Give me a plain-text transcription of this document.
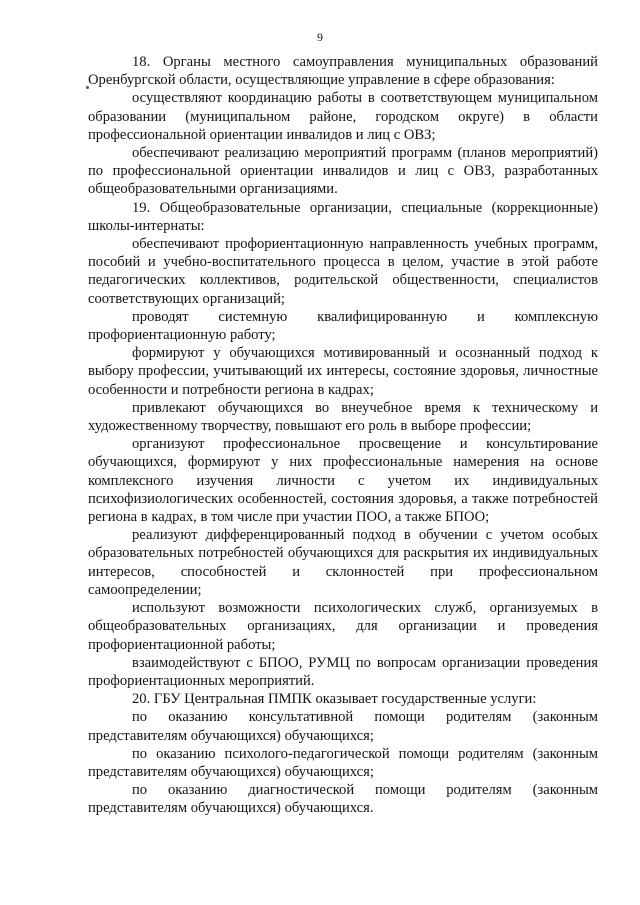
9

18. Органы местного самоуправления муниципальных образований Оренбургской области, осуществляющие управление в сфере образования:

осуществляют координацию работы в соответствующем муниципальном образовании (муниципальном районе, городском округе) в области профессиональной ориентации инвалидов и лиц с ОВЗ;

обеспечивают реализацию мероприятий программ (планов мероприятий) по профессиональной ориентации инвалидов и лиц с ОВЗ, разработанных общеобразовательными организациями.

19. Общеобразовательные организации, специальные (коррекционные) школы-интернаты:

обеспечивают профориентационную направленность учебных программ, пособий и учебно-воспитательного процесса в целом, участие в этой работе педагогических коллективов, родительской общественности, специалистов соответствующих организаций;

проводят системную квалифицированную и комплексную профориентационную работу;

формируют у обучающихся мотивированный и осознанный подход к выбору профессии, учитывающий их интересы, состояние здоровья, личностные особенности и потребности региона в кадрах;

привлекают обучающихся во внеучебное время к техническому и художественному творчеству, повышают его роль в выборе профессии;

организуют профессиональное просвещение и консультирование обучающихся, формируют у них профессиональные намерения на основе комплексного изучения личности с учетом их индивидуальных психофизиологических особенностей, состояния здоровья, а также потребностей региона в кадрах, в том числе при участии ПОО, а также БПОО;

реализуют дифференцированный подход в обучении с учетом особых образовательных потребностей обучающихся для раскрытия их индивидуальных интересов, способностей и склонностей при профессиональном самоопределении;

используют возможности психологических служб, организуемых в общеобразовательных организациях, для организации и проведения профориентационной работы;

взаимодействуют с БПОО, РУМЦ по вопросам организации проведения профориентационных мероприятий.

20. ГБУ Центральная ПМПК оказывает государственные услуги:

по оказанию консультативной помощи родителям (законным представителям обучающихся) обучающихся;

по оказанию психолого-педагогической помощи родителям (законным представителям обучающихся) обучающихся;

по оказанию диагностической помощи родителям (законным представителям обучающихся) обучающихся.
